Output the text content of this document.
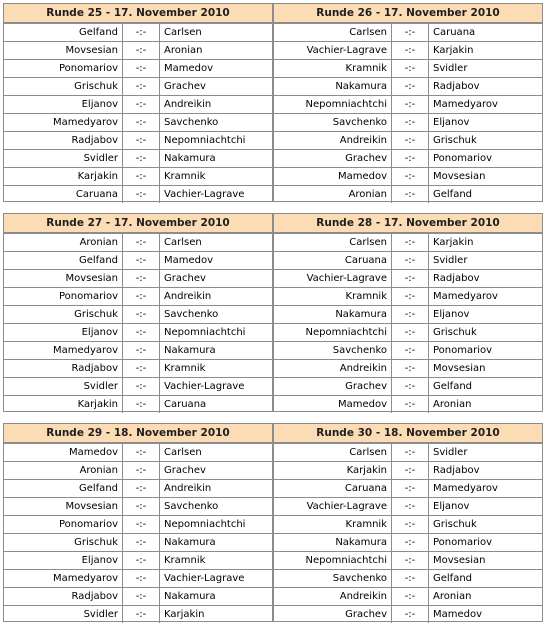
Runde 25 - 17. November 2010
Gelfand	-:-	Carlsen
Movsesian	-:-	Aronian
Ponomariov	-:-	Mamedov
Grischuk	-:-	Grachev
Eljanov	-:-	Andreikin
Mamedyarov	-:-	Savchenko
Radjabov	-:-	Nepomniachtchi
Svidler	-:-	Nakamura
Karjakin	-:-	Kramnik
Caruana	-:-	Vachier-Lagrave
Runde 26 - 17. November 2010
Carlsen	-:-	Caruana
Vachier-Lagrave	-:-	Karjakin
Kramnik	-:-	Svidler
Nakamura	-:-	Radjabov
Nepomniachtchi	-:-	Mamedyarov
Savchenko	-:-	Eljanov
Andreikin	-:-	Grischuk
Grachev	-:-	Ponomariov
Mamedov	-:-	Movsesian
Aronian	-:-	Gelfand
Runde 27 - 17. November 2010
Aronian	-:-	Carlsen
Gelfand	-:-	Mamedov
Movsesian	-:-	Grachev
Ponomariov	-:-	Andreikin
Grischuk	-:-	Savchenko
Eljanov	-:-	Nepomniachtchi
Mamedyarov	-:-	Nakamura
Radjabov	-:-	Kramnik
Svidler	-:-	Vachier-Lagrave
Karjakin	-:-	Caruana
Runde 28 - 17. November 2010
Carlsen	-:-	Karjakin
Caruana	-:-	Svidler
Vachier-Lagrave	-:-	Radjabov
Kramnik	-:-	Mamedyarov
Nakamura	-:-	Eljanov
Nepomniachtchi	-:-	Grischuk
Savchenko	-:-	Ponomariov
Andreikin	-:-	Movsesian
Grachev	-:-	Gelfand
Mamedov	-:-	Aronian
Runde 29 - 18. November 2010
Mamedov	-:-	Carlsen
Aronian	-:-	Grachev
Gelfand	-:-	Andreikin
Movsesian	-:-	Savchenko
Ponomariov	-:-	Nepomniachtchi
Grischuk	-:-	Nakamura
Eljanov	-:-	Kramnik
Mamedyarov	-:-	Vachier-Lagrave
Radjabov	-:-	Nakamura
Svidler	-:-	Karjakin
Runde 30 - 18. November 2010
Carlsen	-:-	Svidler
Karjakin	-:-	Radjabov
Caruana	-:-	Mamedyarov
Vachier-Lagrave	-:-	Eljanov
Kramnik	-:-	Grischuk
Nakamura	-:-	Ponomariov
Nepomniachtchi	-:-	Movsesian
Savchenko	-:-	Gelfand
Andreikin	-:-	Aronian
Grachev	-:-	Mamedov
